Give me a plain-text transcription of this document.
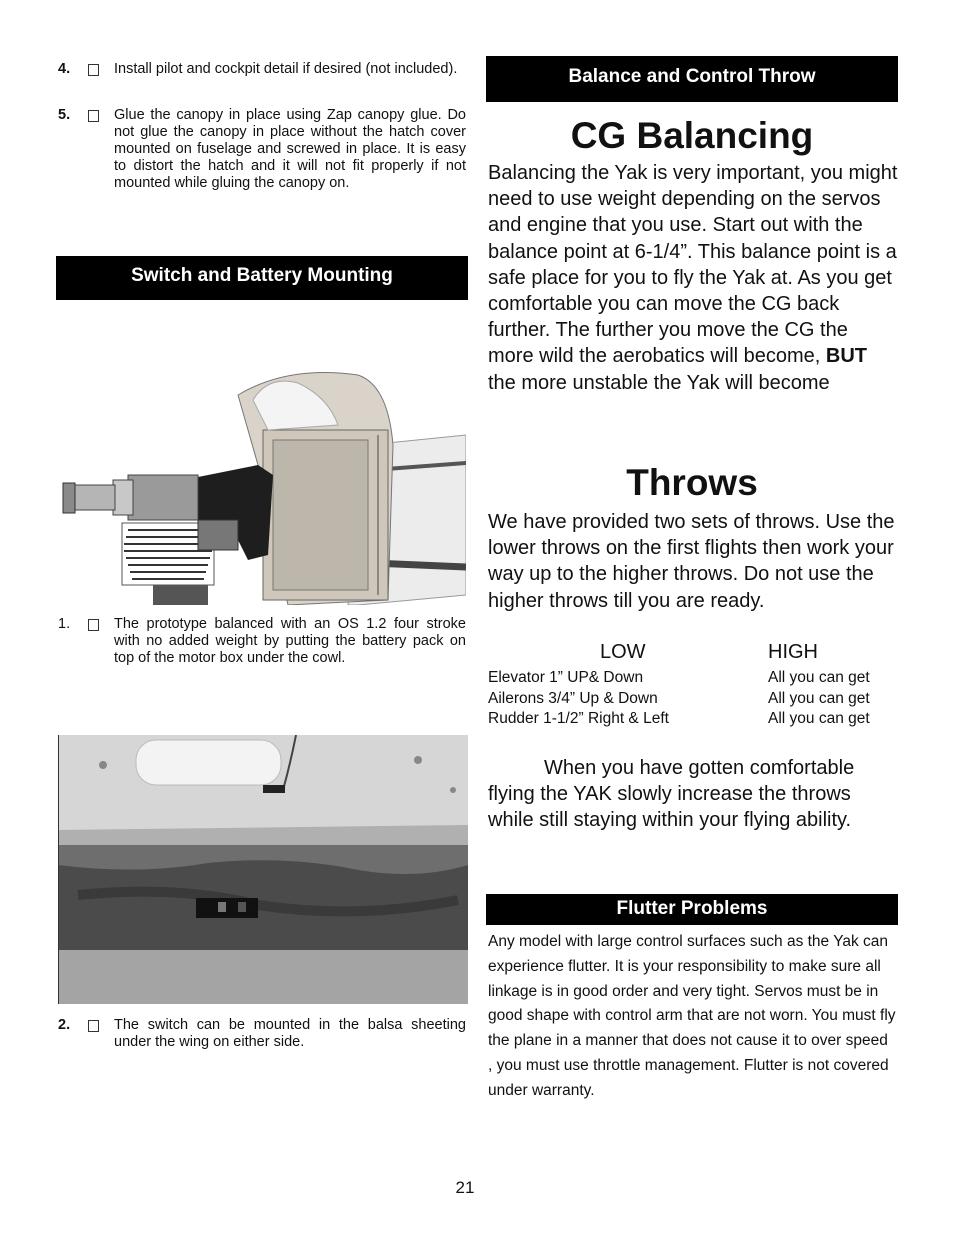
4.	Install pilot and cockpit detail if desired (not included).
5.	Glue the canopy in place using Zap canopy glue. Do not glue the canopy in place without the hatch cover mounted on fuselage and screwed in place. It is easy to distort the hatch and it will not fit properly if not mounted while gluing the canopy on.
Switch and Battery Mounting
1.	The prototype balanced with an OS 1.2 four stroke with no added weight by putting the battery pack on top of the motor box under the cowl.
2.	The switch can be mounted in the balsa sheeting under the wing on either side.
Balance and Control Throw
CG Balancing
Balancing the Yak is very important, you might need to use weight depending on the servos and engine that you use. Start out with the balance point at 6-1/4”. This balance point is a safe place for you to fly the Yak at. As you get comfortable you can move the CG back further. The further you move the CG the more wild the aerobatics will become, BUT the more unstable the Yak will become
Throws
We have provided two sets of throws. Use the lower throws on the first flights then work your way up to the higher throws. Do not use the higher throws till you are ready.
LOW	HIGH
Elevator 1” UP& Down	All you can get
Ailerons 3/4” Up & Down	All you can get
Rudder 1-1/2” Right & Left	All you can get
When you have gotten comfortable flying the YAK slowly increase the throws while still staying within your flying ability.
Flutter Problems
Any model with large control surfaces such as the Yak can experience flutter. It is your responsibility to make sure all linkage is in good order and very tight. Servos must be in good shape with control arm that are not worn. You must fly the plane in a manner that does not cause it to over speed , you must use throttle management. Flutter is not covered under warranty.
21
